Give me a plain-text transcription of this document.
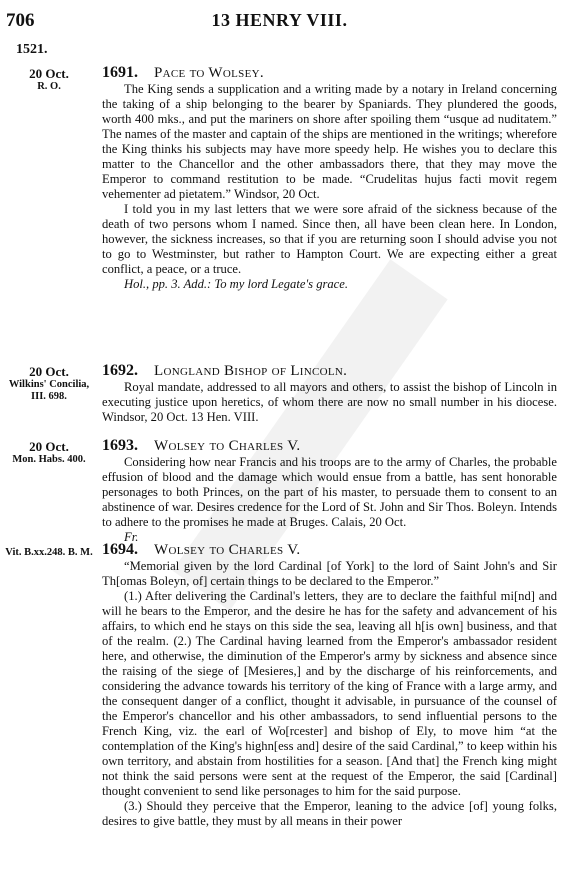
706	13 HENRY VIII.
1521.
20 Oct.
R. O.
1691. Pace to Wolsey.

The King sends a supplication and a writing made by a notary in Ireland concerning the taking of a ship belonging to the bearer by Spaniards. They plundered the goods, worth 400 mks., and put the mariners on shore after spoiling them “usque ad nuditatem.” The names of the master and captain of the ships are mentioned in the writings; wherefore the King thinks his subjects may have more speedy help. He wishes you to declare this matter to the Chancellor and the other ambassadors there, that they may move the Emperor to command restitution to be made. “Crudelitas hujus facti movit regem vehementer ad pietatem.” Windsor, 20 Oct.

I told you in my last letters that we were sore afraid of the sickness because of the death of two persons whom I named. Since then, all have been clean here. In London, however, the sickness increases, so that if you are returning soon I should advise you not to go to Westminster, but rather to Hampton Court. We are expecting either a great conflict, a peace, or a truce.

Hol., pp. 3. Add.: To my lord Legate's grace.

20 Oct.
Wilkins' Concilia, III. 698.
1692. Longland Bishop of Lincoln.

Royal mandate, addressed to all mayors and others, to assist the bishop of Lincoln in executing justice upon heretics, of whom there are now no small number in his diocese. Windsor, 20 Oct. 13 Hen. VIII.

20 Oct.
Mon. Habs. 400.
1693. Wolsey to Charles V.

Considering how near Francis and his troops are to the army of Charles, the probable effusion of blood and the damage which would ensue from a battle, has sent honorable personages to both Princes, on the part of his master, to persuade them to consent to an abstinence of war. Desires credence for the Lord of St. John and Sir Thos. Boleyn. Intends to adhere to the promises he made at Bruges. Calais, 20 Oct.

Fr.

Vit. B.xx.248. B. M. 1694. Wolsey to Charles V.

“Memorial given by the lord Cardinal [of York] to the lord of Saint John's and Sir Th[omas Boleyn, of] certain things to be declared to the Emperor.”

(1.) After delivering the Cardinal's letters, they are to declare the faithful mi[nd] and will he bears to the Emperor, and the desire he has for the safety and advancement of his affairs, to which end he stays on this side the sea, leaving all h[is own] business, and that of the realm. (2.) The Cardinal having learned from the Emperor's ambassador resident here, and otherwise, the diminution of the Emperor's army by sickness and absence since the raising of the siege of [Mesieres,] and by the discharge of his reinforcements, and considering the advance towards his territory of the king of France with a large army, and the consequent danger of a conflict, thought it advisable, in pursuance of the counsel of the Emperor's chancellor and his other ambassadors, to send influential persons to the French King, viz. the earl of Wo[rcester] and bishop of Ely, to move him “at the contemplation of the King's highn[ess and] desire of the said Cardinal,” to keep within his own territory, and abstain from hostilities for a season. [And that] the French king might not think the said persons were sent at the request of the Emperor, the said [Cardinal] thought convenient to send like personages to him for the said purpose.

(3.) Should they perceive that the Emperor, leaning to the advice [of] young folks, desires to give battle, they must by all means in their power
